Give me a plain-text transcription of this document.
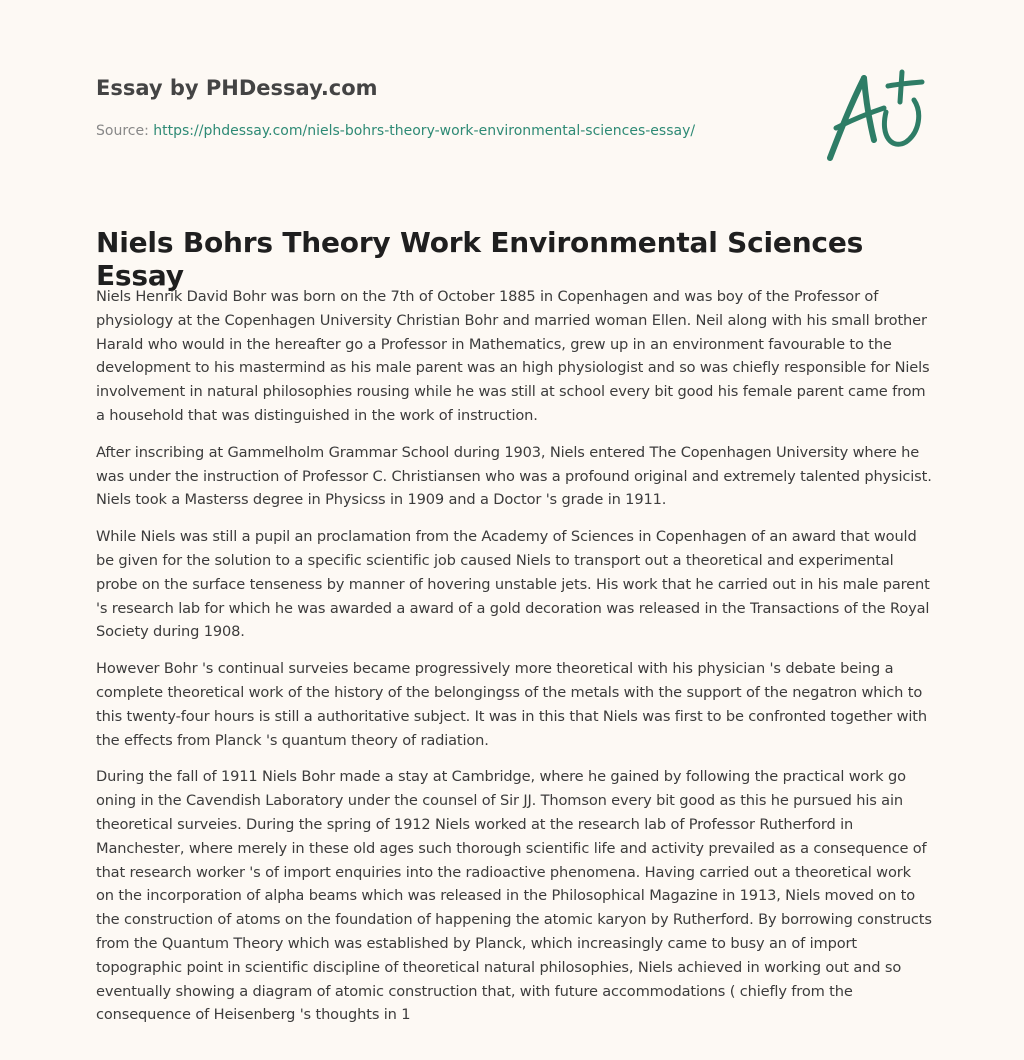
Essay by PHDessay.com

Source: https://phdessay.com/niels-bohrs-theory-work-environmental-sciences-essay/

Niels Bohrs Theory Work Environmental Sciences Essay

Niels Henrik David Bohr was born on the 7th of October 1885 in Copenhagen and was boy of the Professor of physiology at the Copenhagen University Christian Bohr and married woman Ellen. Neil along with his small brother Harald who would in the hereafter go a Professor in Mathematics, grew up in an environment favourable to the development to his mastermind as his male parent was an high physiologist and so was chiefly responsible for Niels involvement in natural philosophies rousing while he was still at school every bit good his female parent came from a household that was distinguished in the work of instruction.

After inscribing at Gammelholm Grammar School during 1903, Niels entered The Copenhagen University where he was under the instruction of Professor C. Christiansen who was a profound original and extremely talented physicist. Niels took a Masterss degree in Physicss in 1909 and a Doctor 's grade in 1911.

While Niels was still a pupil an proclamation from the Academy of Sciences in Copenhagen of an award that would be given for the solution to a specific scientific job caused Niels to transport out a theoretical and experimental probe on the surface tenseness by manner of hovering unstable jets. His work that he carried out in his male parent 's research lab for which he was awarded a award of a gold decoration was released in the Transactions of the Royal Society during 1908.

However Bohr 's continual surveies became progressively more theoretical with his physician 's debate being a complete theoretical work of the history of the belongingss of the metals with the support of the negatron which to this twenty-four hours is still a authoritative subject. It was in this that Niels was first to be confronted together with the effects from Planck 's quantum theory of radiation.

During the fall of 1911 Niels Bohr made a stay at Cambridge, where he gained by following the practical work go oning in the Cavendish Laboratory under the counsel of Sir JJ. Thomson every bit good as this he pursued his ain theoretical surveies. During the spring of 1912 Niels worked at the research lab of Professor Rutherford in Manchester, where merely in these old ages such thorough scientific life and activity prevailed as a consequence of that research worker 's of import enquiries into the radioactive phenomena. Having carried out a theoretical work on the incorporation of alpha beams which was released in the Philosophical Magazine in 1913, Niels moved on to the construction of atoms on the foundation of happening the atomic karyon by Rutherford. By borrowing constructs from the Quantum Theory which was established by Planck, which increasingly came to busy an of import topographic point in scientific discipline of theoretical natural philosophies, Niels achieved in working out and so eventually showing a diagram of atomic construction that, with future accommodations ( chiefly from the consequence of Heisenberg 's thoughts in 1
